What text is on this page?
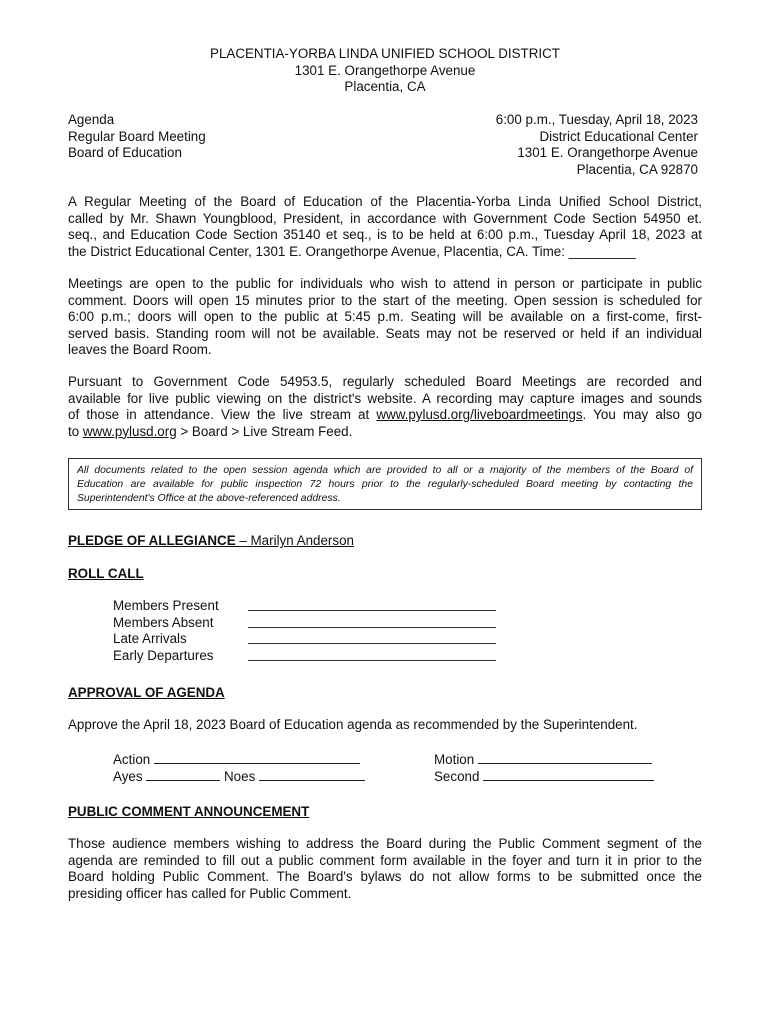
PLACENTIA-YORBA LINDA UNIFIED SCHOOL DISTRICT
1301 E. Orangethorpe Avenue
Placentia, CA
Agenda
Regular Board Meeting
Board of Education
6:00 p.m., Tuesday, April 18, 2023
District Educational Center
1301 E. Orangethorpe Avenue
Placentia, CA 92870
A Regular Meeting of the Board of Education of the Placentia-Yorba Linda Unified School District,
called by Mr. Shawn Youngblood, President, in accordance with Government Code Section 54950 et.
seq., and Education Code Section 35140 et seq., is to be held at 6:00 p.m., Tuesday April 18, 2023 at
the District Educational Center, 1301 E. Orangethorpe Avenue, Placentia, CA. Time: _________
Meetings are open to the public for individuals who wish to attend in person or participate in public
comment. Doors will open 15 minutes prior to the start of the meeting. Open session is scheduled for
6:00 p.m.; doors will open to the public at 5:45 p.m. Seating will be available on a first-come, first-
served basis. Standing room will not be available. Seats may not be reserved or held if an individual
leaves the Board Room.
Pursuant to Government Code 54953.5, regularly scheduled Board Meetings are recorded and
available for live public viewing on the district's website. A recording may capture images and sounds
of those in attendance. View the live stream at www.pylusd.org/liveboardmeetings. You may also go
to www.pylusd.org > Board > Live Stream Feed.
All documents related to the open session agenda which are provided to all or a majority of the members of the Board of
Education are available for public inspection 72 hours prior to the regularly-scheduled Board meeting by contacting the
Superintendent's Office at the above-referenced address.
PLEDGE OF ALLEGIANCE – Marilyn Anderson
ROLL CALL
Members Present
Members Absent
Late Arrivals
Early Departures
APPROVAL OF AGENDA
Approve the April 18, 2023 Board of Education agenda as recommended by the Superintendent.
Action
Ayes	Noes
Motion
Second
PUBLIC COMMENT ANNOUNCEMENT
Those audience members wishing to address the Board during the Public Comment segment of the
agenda are reminded to fill out a public comment form available in the foyer and turn it in prior to the
Board holding Public Comment. The Board's bylaws do not allow forms to be submitted once the
presiding officer has called for Public Comment.
